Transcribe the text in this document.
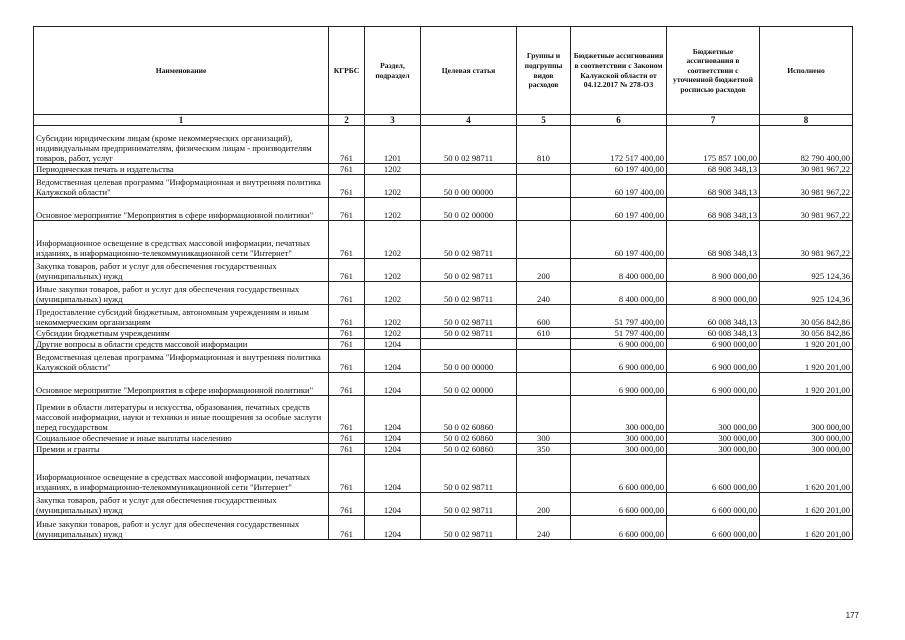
Наименование	КГРБС	Раздел, подраздел	Целевая статья	Группы и подгруппы видов расходов	Бюджетные ассигнования в соответствии с Законом Калужской области от 04.12.2017 № 278-ОЗ	Бюджетные ассигнования в соответствии с уточненной бюджетной росписью расходов	Исполнено
1	2	3	4	5	6	7	8
Субсидии юридическим лицам (кроме некоммерческих организаций), индивидуальным предпринимателям, физическим лицам - производителям товаров, работ, услуг	761	1201	50 0 02 98711	810	172 517 400,00	175 857 100,00	82 790 400,00
Периодическая печать и издательства	761	1202			60 197 400,00	68 908 348,13	30 981 967,22
Ведомственная целевая программа "Информационная и внутренняя политика Калужской области"	761	1202	50 0 00 00000		60 197 400,00	68 908 348,13	30 981 967,22
Основное мероприятие "Мероприятия в сфере информационной политики"	761	1202	50 0 02 00000		60 197 400,00	68 908 348,13	30 981 967,22
Информационное освещение в средствах массовой информации, печатных изданиях, в информационно-телекоммуникационной сети "Интернет"	761	1202	50 0 02 98711		60 197 400,00	68 908 348,13	30 981 967,22
Закупка товаров, работ и услуг для обеспечения государственных (муниципальных) нужд	761	1202	50 0 02 98711	200	8 400 000,00	8 900 000,00	925 124,36
Иные закупки товаров, работ и услуг для обеспечения государственных (муниципальных) нужд	761	1202	50 0 02 98711	240	8 400 000,00	8 900 000,00	925 124,36
Предоставление субсидий бюджетным, автономным учреждениям и иным некоммерческим организациям	761	1202	50 0 02 98711	600	51 797 400,00	60 008 348,13	30 056 842,86
Субсидии бюджетным учреждениям	761	1202	50 0 02 98711	610	51 797 400,00	60 008 348,13	30 056 842,86
Другие вопросы в области средств массовой информации	761	1204			6 900 000,00	6 900 000,00	1 920 201,00
Ведомственная целевая программа "Информационная и внутренняя политика Калужской области"	761	1204	50 0 00 00000		6 900 000,00	6 900 000,00	1 920 201,00
Основное мероприятие "Мероприятия в сфере информационной политики"	761	1204	50 0 02 00000		6 900 000,00	6 900 000,00	1 920 201,00
Премии в области литературы и искусства, образования, печатных средств массовой информации, науки и техники и иные поощрения за особые заслуги перед государством	761	1204	50 0 02 60860		300 000,00	300 000,00	300 000,00
Социальное обеспечение и иные выплаты населению	761	1204	50 0 02 60860	300	300 000,00	300 000,00	300 000,00
Премии и гранты	761	1204	50 0 02 60860	350	300 000,00	300 000,00	300 000,00
Информационное освещение в средствах массовой информации, печатных изданиях, в информационно-телекоммуникационной сети "Интернет"	761	1204	50 0 02 98711		6 600 000,00	6 600 000,00	1 620 201,00
Закупка товаров, работ и услуг для обеспечения государственных (муниципальных) нужд	761	1204	50 0 02 98711	200	6 600 000,00	6 600 000,00	1 620 201,00
Иные закупки товаров, работ и услуг для обеспечения государственных (муниципальных) нужд	761	1204	50 0 02 98711	240	6 600 000,00	6 600 000,00	1 620 201,00
177
